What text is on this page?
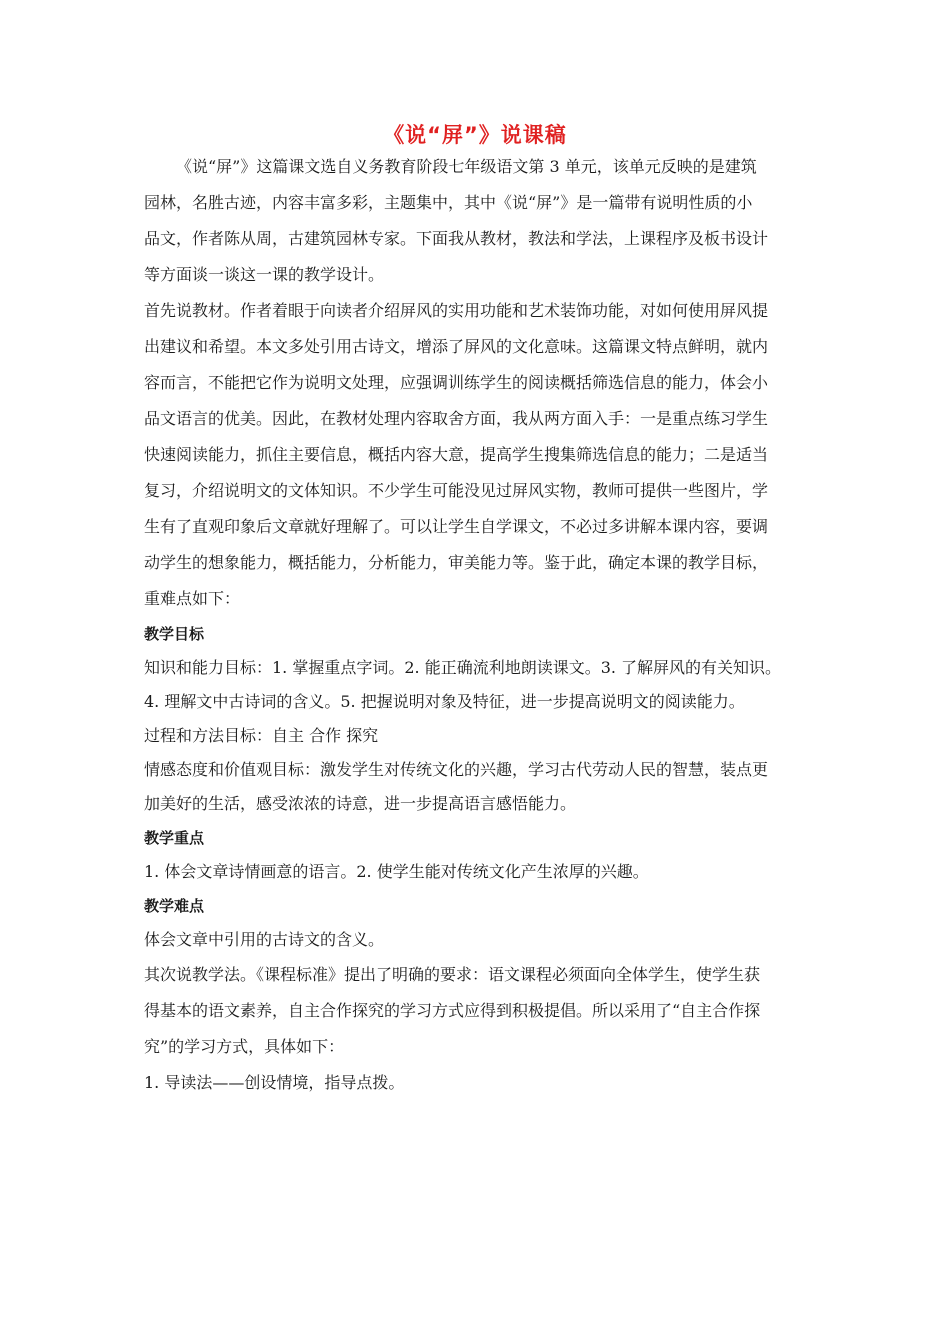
《说“屏”》说课稿

《说“屏”》这篇课文选自义务教育阶段七年级语文第 3 单元，该单元反映的是建筑

园林，名胜古迹，内容丰富多彩，主题集中，其中《说“屏”》是一篇带有说明性质的小
品文，作者陈从周，古建筑园林专家。下面我从教材，教法和学法，上课程序及板书设计
等方面谈一谈这一课的教学设计。

首先说教材。作者着眼于向读者介绍屏风的实用功能和艺术装饰功能，对如何使用屏风提
出建议和希望。本文多处引用古诗文，增添了屏风的文化意味。这篇课文特点鲜明，就内
容而言，不能把它作为说明文处理，应强调训练学生的阅读概括筛选信息的能力，体会小
品文语言的优美。因此，在教材处理内容取舍方面，我从两方面入手：一是重点练习学生
快速阅读能力，抓住主要信息，概括内容大意，提高学生搜集筛选信息的能力；二是适当
复习，介绍说明文的文体知识。不少学生可能没见过屏风实物，教师可提供一些图片，学
生有了直观印象后文章就好理解了。可以让学生自学课文，不必过多讲解本课内容，要调
动学生的想象能力，概括能力，分析能力，审美能力等。鉴于此，确定本课的教学目标，
重难点如下：

教学目标

知识和能力目标：1. 掌握重点字词。2. 能正确流利地朗读课文。3. 了解屏风的有关知识。
4. 理解文中古诗词的含义。5. 把握说明对象及特征，进一步提高说明文的阅读能力。

过程和方法目标：自主 合作 探究

情感态度和价值观目标：激发学生对传统文化的兴趣，学习古代劳动人民的智慧，装点更
加美好的生活，感受浓浓的诗意，进一步提高语言感悟能力。

教学重点

1. 体会文章诗情画意的语言。2. 使学生能对传统文化产生浓厚的兴趣。

教学难点

体会文章中引用的古诗文的含义。

其次说教学法。《课程标准》提出了明确的要求：语文课程必须面向全体学生，使学生获
得基本的语文素养，自主合作探究的学习方式应得到积极提倡。所以采用了“自主合作探
究”的学习方式，具体如下：

1. 导读法——创设情境，指导点拨。
